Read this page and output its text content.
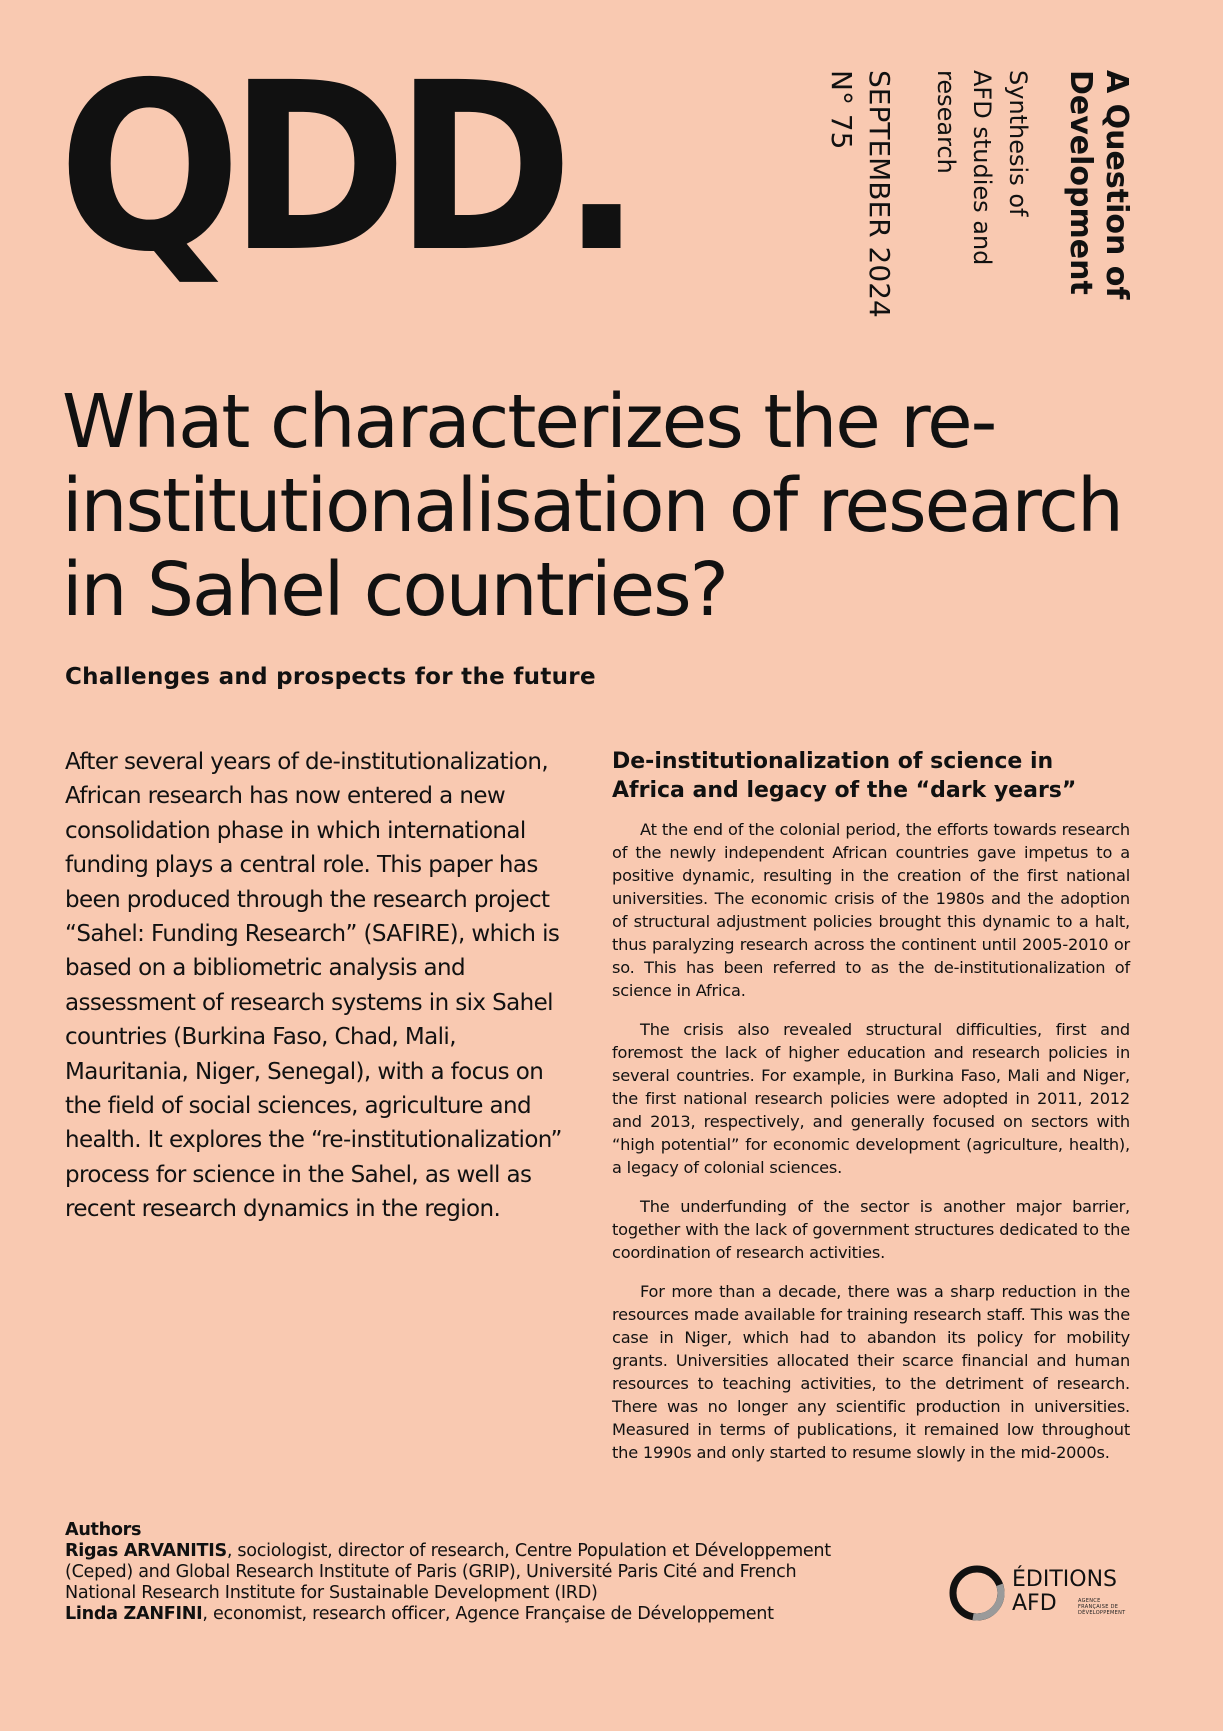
QDD.	A Question of
Development
Synthesis of
AFD studies and
research
SEPTEMBER 2024
N° 75
What characterizes the re-institutionalisation of research in Sahel countries?
Challenges and prospects for the future

After several years of de-institutionalization, African research has now entered a new consolidation phase in which international funding plays a central role. This paper has been produced through the research project “Sahel: Funding Research” (SAFIRE), which is based on a bibliometric analysis and assessment of research systems in six Sahel countries (Burkina Faso, Chad, Mali, Mauritania, Niger, Senegal), with a focus on the field of social sciences, agriculture and health. It explores the “re-institutionalization” process for science in the Sahel, as well as recent research dynamics in the region.

De-institutionalization of science in Africa and legacy of the “dark years”

At the end of the colonial period, the efforts towards research of the newly independent African countries gave impetus to a positive dynamic, resulting in the creation of the first national universities. The economic crisis of the 1980s and the adoption of structural adjustment policies brought this dynamic to a halt, thus paralyzing research across the continent until 2005-2010 or so. This has been referred to as the de-institutionalization of science in Africa.

The crisis also revealed structural difficulties, first and foremost the lack of higher education and research policies in several countries. For example, in Burkina Faso, Mali and Niger, the first national research policies were adopted in 2011, 2012 and 2013, respectively, and generally focused on sectors with “high potential” for economic development (agriculture, health), a legacy of colonial sciences.

The underfunding of the sector is another major barrier, together with the lack of government structures dedicated to the coordination of research activities.

For more than a decade, there was a sharp reduction in the resources made available for training research staff. This was the case in Niger, which had to abandon its policy for mobility grants. Universities allocated their scarce financial and human resources to teaching activities, to the detriment of research. There was no longer any scientific production in universities. Measured in terms of publications, it remained low throughout the 1990s and only started to resume slowly in the mid-2000s.

Authors
Rigas ARVANITIS, sociologist, director of research, Centre Population et Développement (Ceped) and Global Research Institute of Paris (GRIP), Université Paris Cité and French National Research Institute for Sustainable Development (IRD)
Linda ZANFINI, economist, research officer, Agence Française de Développement
ÉDITIONS
AFD	AGENCE FRANÇAISE DE DÉVELOPPEMENT
